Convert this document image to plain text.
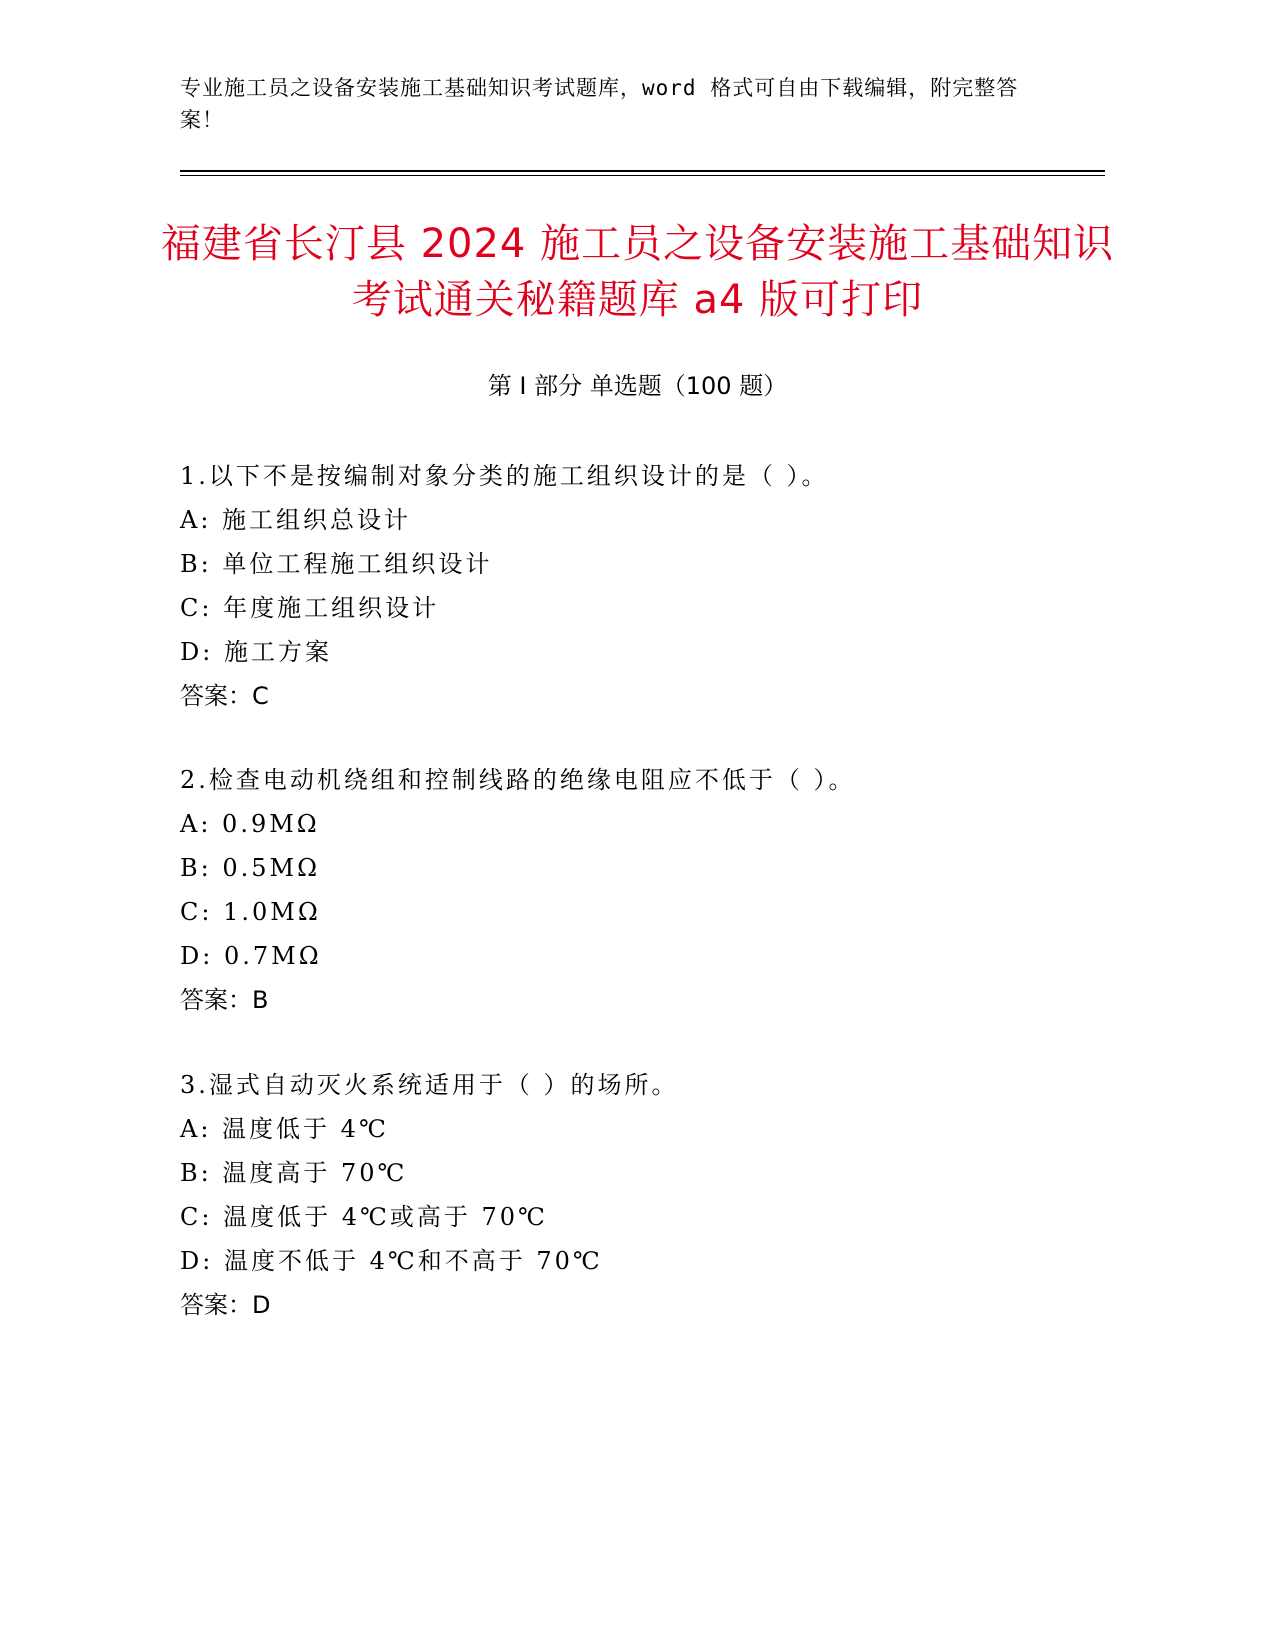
专业施工员之设备安装施工基础知识考试题库，word 格式可自由下载编辑，附完整答案！
福建省长汀县 2024 施工员之设备安装施工基础知识考试通关秘籍题库 a4 版可打印
第 I 部分 单选题（100 题）
1.以下不是按编制对象分类的施工组织设计的是（ ）。
A: 施工组织总设计
B: 单位工程施工组织设计
C: 年度施工组织设计
D: 施工方案
答案：C
2.检查电动机绕组和控制线路的绝缘电阻应不低于（ ）。
A: 0.9MΩ
B: 0.5MΩ
C: 1.0MΩ
D: 0.7MΩ
答案：B
3.湿式自动灭火系统适用于（ ）的场所。
A: 温度低于 4℃
B: 温度高于 70℃
C: 温度低于 4℃或高于 70℃
D: 温度不低于 4℃和不高于 70℃
答案：D
